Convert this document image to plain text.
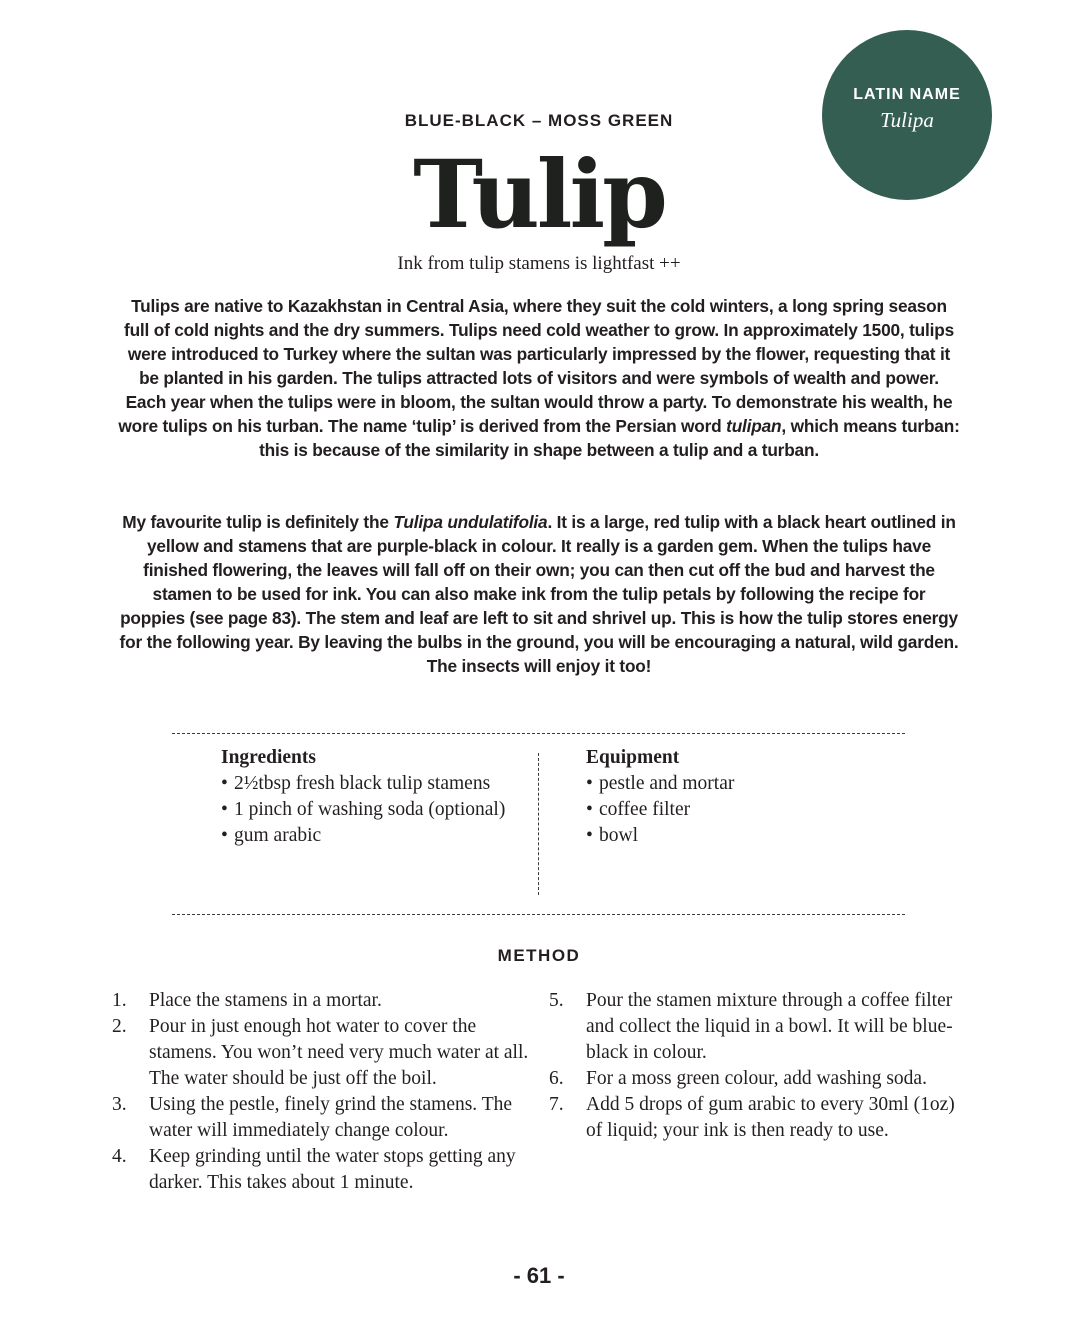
LATIN NAME
Tulipa
BLUE-BLACK – MOSS GREEN
Tulip
Ink from tulip stamens is lightfast ++

Tulips are native to Kazakhstan in Central Asia, where they suit the cold winters, a long spring season full of cold nights and the dry summers. Tulips need cold weather to grow. In approximately 1500, tulips were introduced to Turkey where the sultan was particularly impressed by the flower, requesting that it be planted in his garden. The tulips attracted lots of visitors and were symbols of wealth and power. Each year when the tulips were in bloom, the sultan would throw a party. To demonstrate his wealth, he wore tulips on his turban. The name ‘tulip’ is derived from the Persian word tulipan, which means turban: this is because of the similarity in shape between a tulip and a turban.

My favourite tulip is definitely the Tulipa undulatifolia. It is a large, red tulip with a black heart outlined in yellow and stamens that are purple-black in colour. It really is a garden gem. When the tulips have finished flowering, the leaves will fall off on their own; you can then cut off the bud and harvest the stamen to be used for ink. You can also make ink from the tulip petals by following the recipe for poppies (see page 83). The stem and leaf are left to sit and shrivel up. This is how the tulip stores energy for the following year. By leaving the bulbs in the ground, you will be encouraging a natural, wild garden. The insects will enjoy it too!

Ingredients
• 2½tbsp fresh black tulip stamens
• 1 pinch of washing soda (optional)
• gum arabic
Equipment
• pestle and mortar
• coffee filter
• bowl
METHOD
1. Place the stamens in a mortar.
2. Pour in just enough hot water to cover the stamens. You won’t need very much water at all. The water should be just off the boil.
3. Using the pestle, finely grind the stamens. The water will immediately change colour.
4. Keep grinding until the water stops getting any darker. This takes about 1 minute.
5. Pour the stamen mixture through a coffee filter and collect the liquid in a bowl. It will be blue-black in colour.
6. For a moss green colour, add washing soda.
7. Add 5 drops of gum arabic to every 30ml (1oz) of liquid; your ink is then ready to use.
- 61 -
